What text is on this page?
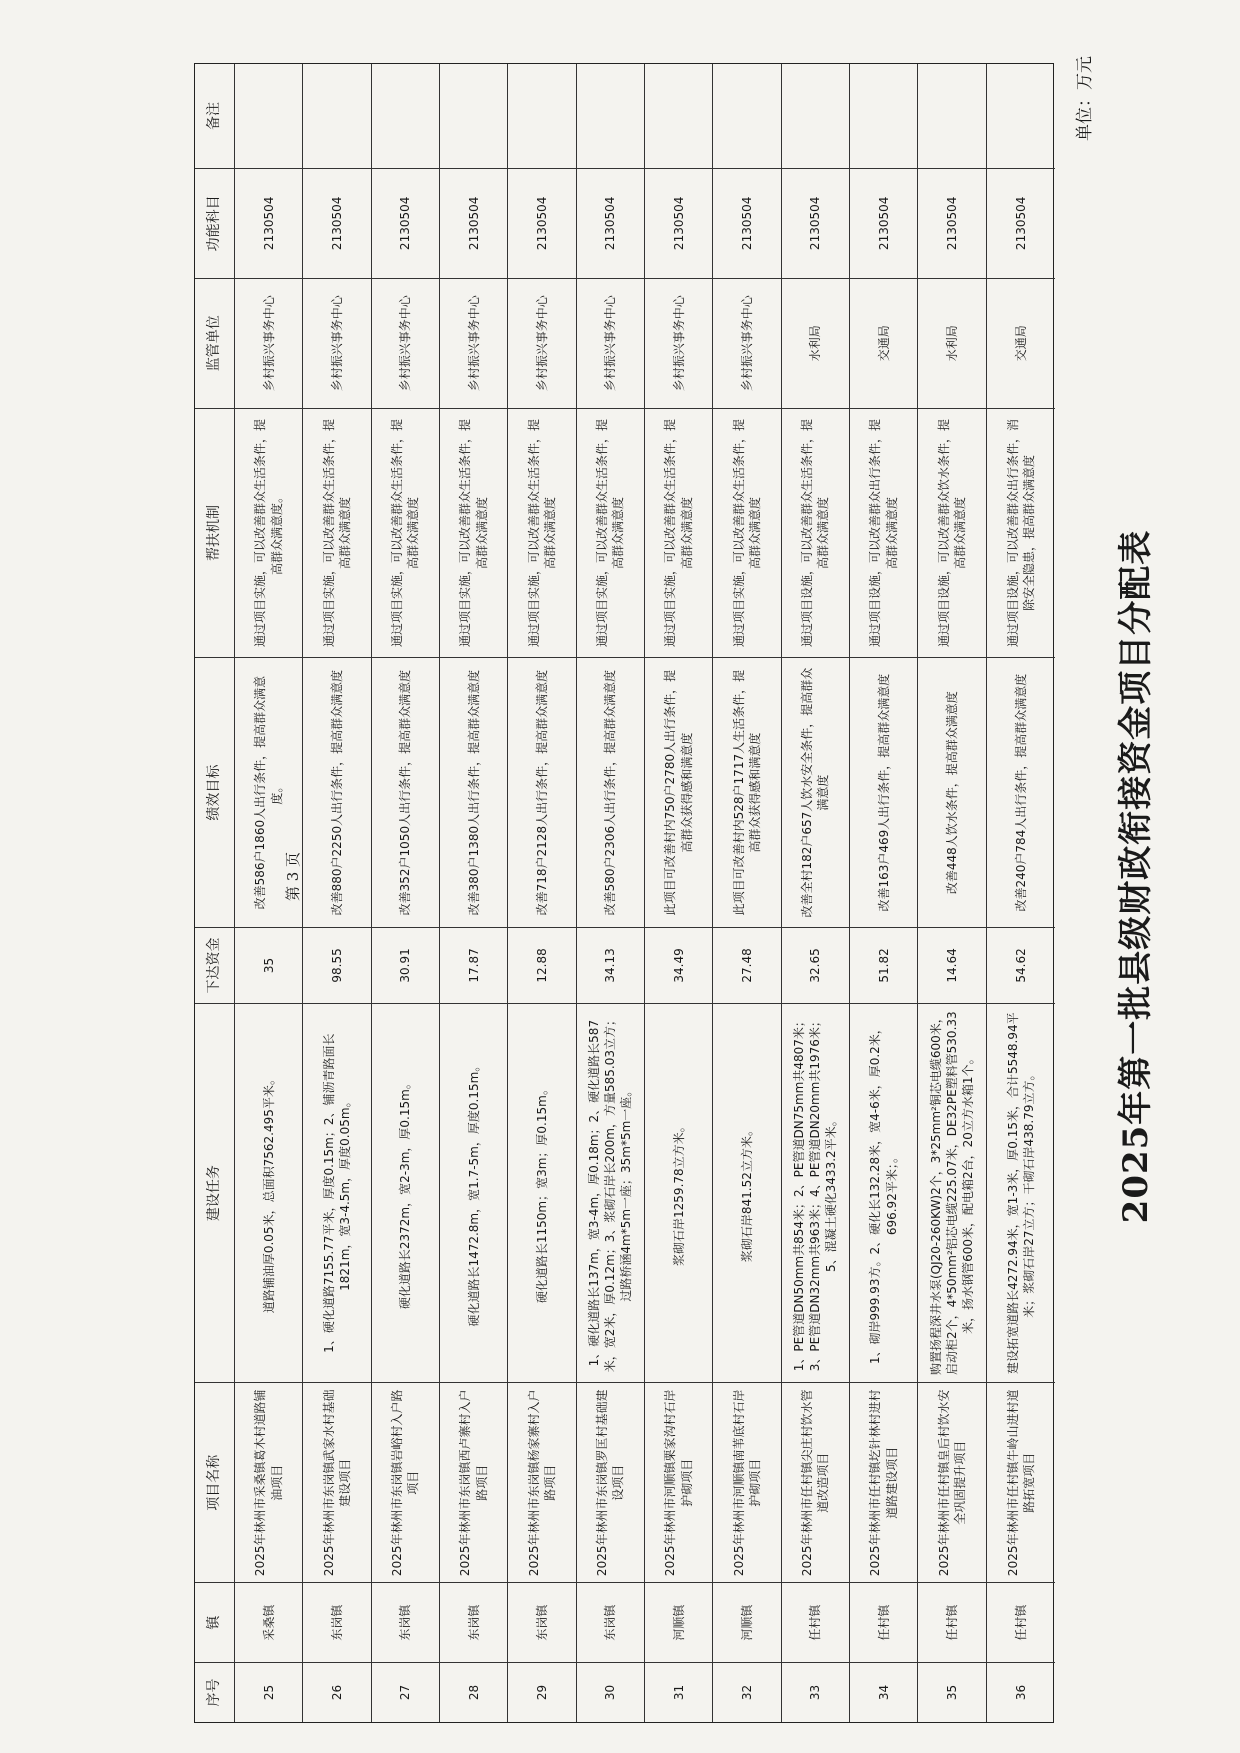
2025年第一批县级财政衔接资金项目分配表
单位：万元
序号
镇
项目名称
建设任务
下达资金
绩效目标
帮扶机制
监管单位
功能科目
备注
25
采桑镇
2025年林州市采桑镇葛木村道路铺油项目
道路铺油厚0.05米，总面积7562.495平米。
35
改善586户1860人出行条件，提高群众满意度。
通过项目实施，可以改善群众生活条件，提高群众满意度。
乡村振兴事务中心
2130504
26
东岗镇
2025年林州市东岗镇武家水村基础建设项目
1、硬化道路7155.77平米，厚度0.15m；2、铺沥青路面长1821m，宽3-4.5m，厚度0.05m。
98.55
改善880户2250人出行条件，提高群众满意度
通过项目实施，可以改善群众生活条件，提高群众满意度
乡村振兴事务中心
2130504
27
东岗镇
2025年林州市东岗镇岩峪村入户路项目
硬化道路长2372m，宽2-3m，厚0.15m。
30.91
改善352户1050人出行条件，提高群众满意度
通过项目实施，可以改善群众生活条件，提高群众满意度
乡村振兴事务中心
2130504
28
东岗镇
2025年林州市东岗镇西卢寨村入户路项目
硬化道路长1472.8m，宽1.7-5m，厚度0.15m。
17.87
改善380户1380人出行条件，提高群众满意度
通过项目实施，可以改善群众生活条件，提高群众满意度
乡村振兴事务中心
2130504
29
东岗镇
2025年林州市东岗镇杨家寨村入户路项目
硬化道路长1150m；宽3m；厚0.15m。
12.88
改善718户2128人出行条件，提高群众满意度
通过项目实施，可以改善群众生活条件，提高群众满意度
乡村振兴事务中心
2130504
30
东岗镇
2025年林州市东岗镇罗匡村基础建设项目
1、硬化道路长137m，宽3-4m，厚0.18m；2、硬化道路长587米，宽2米，厚0.12m；3、浆砌石岸长200m，方量585.03立方；过路桥涵4m*5m一座；35m*5m一座。
34.13
改善580户2306人出行条件，提高群众满意度
通过项目实施，可以改善群众生活条件，提高群众满意度
乡村振兴事务中心
2130504
31
河顺镇
2025年林州市河顺镇栗家沟村石岸护砌项目
浆砌石岸1259.78立方米。
34.49
此项目可改善村内750户2780人出行条件，提高群众获得感和满意度
通过项目实施，可以改善群众生活条件，提高群众满意度
乡村振兴事务中心
2130504
32
河顺镇
2025年林州市河顺镇南苇底村石岸护砌项目
浆砌石岸841.52立方米。
27.48
此项目可改善村内528户1717人生活条件，提高群众获得感和满意度
通过项目实施，可以改善群众生活条件，提高群众满意度
乡村振兴事务中心
2130504
33
任村镇
2025年林州市任村镇尖庄村饮水管道改造项目
1、PE管道DN50mm共854米；2、PE管道DN75mm共4807米；3、PE管道DN32mm共963米；4、PE管道DN20mm共1976米；5、混凝土硬化3433.2平米。
32.65
改善全村182户657人饮水安全条件，提高群众满意度
通过项目设施，可以改善群众生活条件，提高群众满意度
水利局
2130504
34
任村镇
2025年林州市任村镇圪针林村进村道路建设项目
1、砌岸999.93方。2、硬化长132.28米，宽4-6米，厚0.2米，696.92平米；。
51.82
改善163户469人出行条件，提高群众满意度
通过项目设施，可以改善群众出行条件，提高群众满意度
交通局
2130504
35
任村镇
2025年林州市任村镇皇后村饮水安全巩固提升项目
购置扬程深井水泵(QJ20-260KW)2个，3*25mm²铜芯电缆600米，启动柜2个，4*50mm²铝芯电缆225.07米，DE32PE塑料管530.33米，扬水钢管600米，配电箱2台，20立方水箱1个。
14.64
改善448人饮水条件，提高群众满意度
通过项目设施，可以改善群众饮水条件，提高群众满意度
水利局
2130504
36
任村镇
2025年林州市任村镇牛岭山进村道路拓宽项目
建设拓宽道路长4272.94米，宽1-3米，厚0.15米，合计5548.94平米；浆砌石岸27立方；干砌石岸438.79立方。
54.62
改善240户784人出行条件，提高群众满意度
通过项目设施，可以改善群众出行条件，消除安全隐患，提高群众满意度
交通局
2130504
第 3 页
